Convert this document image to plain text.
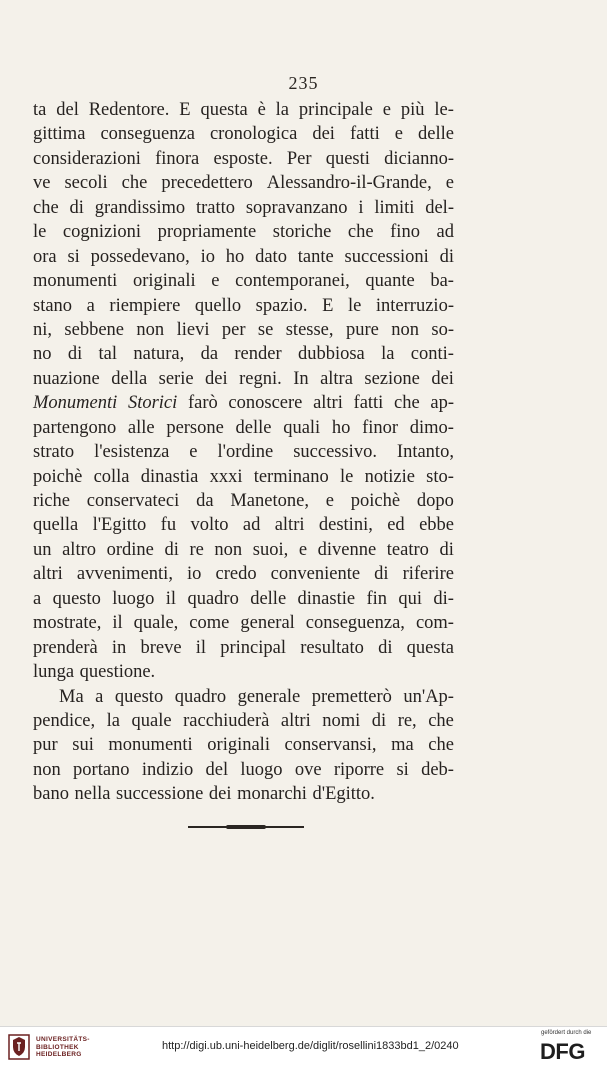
235
ta del Redentore. E questa è la principale e più le-
gittima conseguenza cronologica dei fatti e delle
considerazioni finora esposte. Per questi dicianno-
ve secoli che precedettero Alessandro-il-Grande, e
che di grandissimo tratto sopravanzano i limiti del-
le cognizioni propriamente storiche che fino ad
ora si possedevano, io ho dato tante successioni di
monumenti originali e contemporanei, quante ba-
stano a riempiere quello spazio. E le interruzio-
ni, sebbene non lievi per se stesse, pure non so-
no di tal natura, da render dubbiosa la conti-
nuazione della serie dei regni. In altra sezione dei
Monumenti Storici farò conoscere altri fatti che ap-
partengono alle persone delle quali ho finor dimo-
strato l'esistenza e l'ordine successivo. Intanto,
poichè colla dinastia xxxi terminano le notizie sto-
riche conservateci da Manetone, e poichè dopo
quella l'Egitto fu volto ad altri destini, ed ebbe
un altro ordine di re non suoi, e divenne teatro di
altri avvenimenti, io credo conveniente di riferire
a questo luogo il quadro delle dinastie fin qui di-
mostrate, il quale, come general conseguenza, com-
prenderà in breve il principal resultato di questa
lunga questione.
Ma a questo quadro generale premetterò un'Ap-
pendice, la quale racchiuderà altri nomi di re, che
pur sui monumenti originali conservansi, ma che
non portano indizio del luogo ove riporre si deb-
bano nella successione dei monarchi d'Egitto.
UNIVERSITÄTS-
BIBLIOTHEK
HEIDELBERG
http://digi.ub.uni-heidelberg.de/diglit/rosellini1833bd1_2/0240
gefördert durch die
DFG
